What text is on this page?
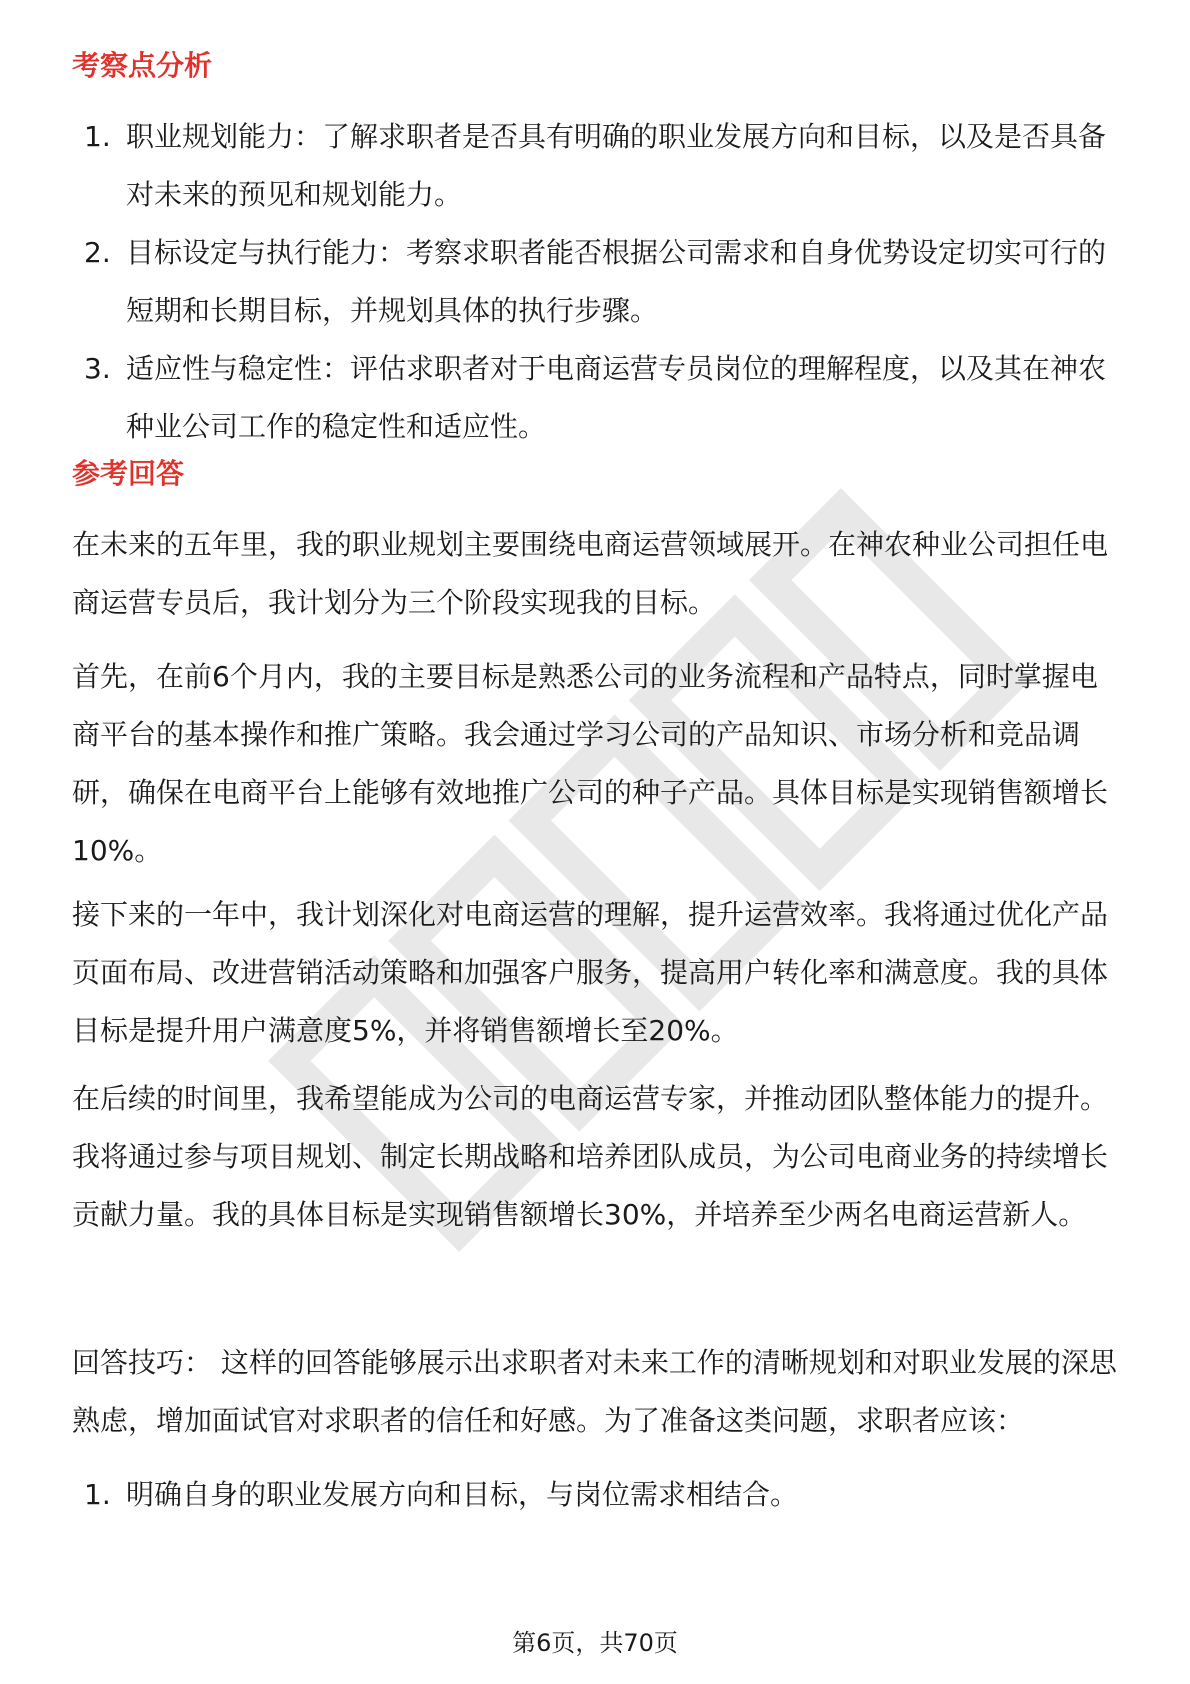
考察点分析
1. 职业规划能力：了解求职者是否具有明确的职业发展方向和目标，以及是否具备对未来的预见和规划能力。
2. 目标设定与执行能力：考察求职者能否根据公司需求和自身优势设定切实可行的短期和长期目标，并规划具体的执行步骤。
3. 适应性与稳定性：评估求职者对于电商运营专员岗位的理解程度，以及其在神农种业公司工作的稳定性和适应性。
参考回答

在未来的五年里，我的职业规划主要围绕电商运营领域展开。在神农种业公司担任电商运营专员后，我计划分为三个阶段实现我的目标。

首先，在前6个月内，我的主要目标是熟悉公司的业务流程和产品特点，同时掌握电商平台的基本操作和推广策略。我会通过学习公司的产品知识、市场分析和竞品调研，确保在电商平台上能够有效地推广公司的种子产品。具体目标是实现销售额增长10%。

接下来的一年中，我计划深化对电商运营的理解，提升运营效率。我将通过优化产品页面布局、改进营销活动策略和加强客户服务，提高用户转化率和满意度。我的具体目标是提升用户满意度5%，并将销售额增长至20%。

在后续的时间里，我希望能成为公司的电商运营专家，并推动团队整体能力的提升。我将通过参与项目规划、制定长期战略和培养团队成员，为公司电商业务的持续增长贡献力量。我的具体目标是实现销售额增长30%，并培养至少两名电商运营新人。

回答技巧： 这样的回答能够展示出求职者对未来工作的清晰规划和对职业发展的深思熟虑，增加面试官对求职者的信任和好感。为了准备这类问题，求职者应该：

1. 明确自身的职业发展方向和目标，与岗位需求相结合。
第6页，共70页
